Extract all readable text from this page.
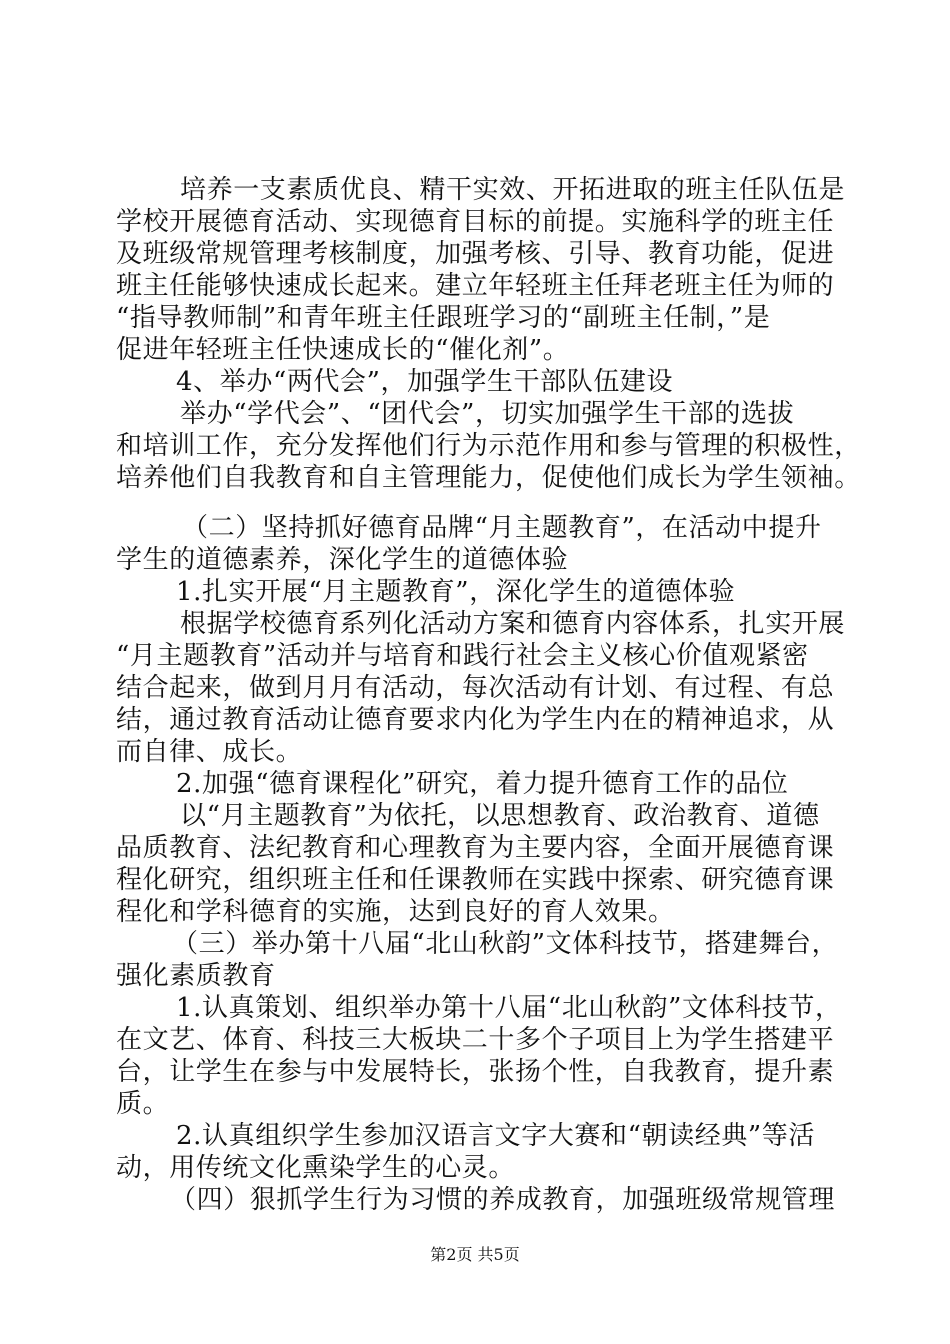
培养一支素质优良、精干实效、开拓进取的班主任队伍是
学校开展德育活动、实现德育目标的前提。实施科学的班主任
及班级常规管理考核制度，加强考核、引导、教育功能，促进
班主任能够快速成长起来。建立年轻班主任拜老班主任为师的
“指导教师制”和青年班主任跟班学习的“副班主任制，”是
促进年轻班主任快速成长的“催化剂”。
4、举办“两代会”，加强学生干部队伍建设
举办“学代会”、“团代会”，切实加强学生干部的选拔
和培训工作，充分发挥他们行为示范作用和参与管理的积极性，
培养他们自我教育和自主管理能力，促使他们成长为学生领袖。
（二）坚持抓好德育品牌“月主题教育”，在活动中提升
学生的道德素养，深化学生的道德体验
1.扎实开展“月主题教育”，深化学生的道德体验
根据学校德育系列化活动方案和德育内容体系，扎实开展
“月主题教育”活动并与培育和践行社会主义核心价值观紧密
结合起来，做到月月有活动，每次活动有计划、有过程、有总
结，通过教育活动让德育要求内化为学生内在的精神追求，从
而自律、成长。
2.加强“德育课程化”研究，着力提升德育工作的品位
以“月主题教育”为依托，以思想教育、政治教育、道德
品质教育、法纪教育和心理教育为主要内容，全面开展德育课
程化研究，组织班主任和任课教师在实践中探索、研究德育课
程化和学科德育的实施，达到良好的育人效果。
（三）举办第十八届“北山秋韵”文体科技节，搭建舞台，
强化素质教育
1.认真策划、组织举办第十八届“北山秋韵”文体科技节，
在文艺、体育、科技三大板块二十多个子项目上为学生搭建平
台，让学生在参与中发展特长，张扬个性，自我教育，提升素
质。
2.认真组织学生参加汉语言文字大赛和“朝读经典”等活
动，用传统文化熏染学生的心灵。
（四）狠抓学生行为习惯的养成教育，加强班级常规管理
第2页 共5页
